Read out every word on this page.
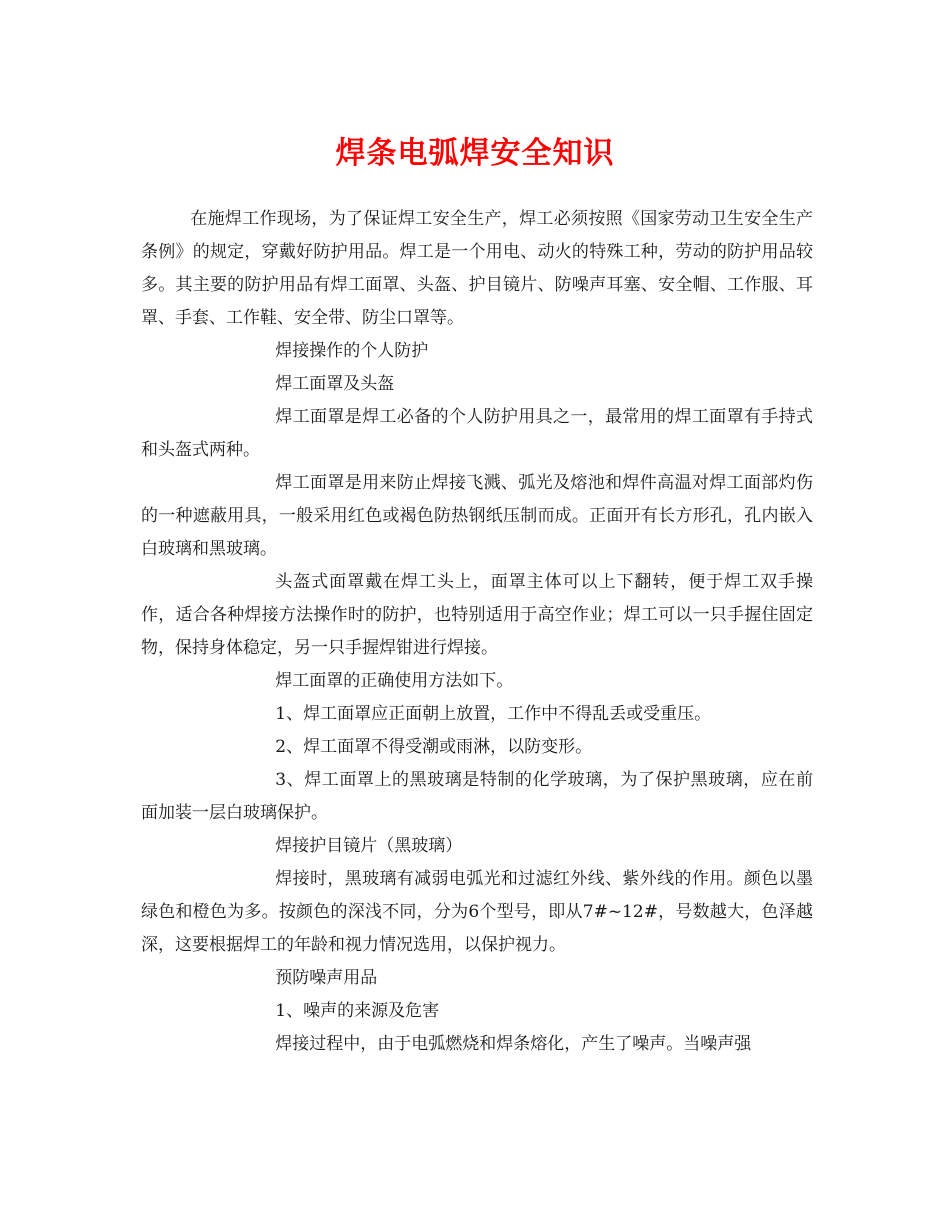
焊条电弧焊安全知识

在施焊工作现场，为了保证焊工安全生产，焊工必须按照《国家劳动卫生安全生产条例》的规定，穿戴好防护用品。焊工是一个用电、动火的特殊工种，劳动的防护用品较多。其主要的防护用品有焊工面罩、头盔、护目镜片、防噪声耳塞、安全帽、工作服、耳罩、手套、工作鞋、安全带、防尘口罩等。

焊接操作的个人防护

焊工面罩及头盔

焊工面罩是焊工必备的个人防护用具之一，最常用的焊工面罩有手持式和头盔式两种。

焊工面罩是用来防止焊接飞溅、弧光及熔池和焊件高温对焊工面部灼伤的一种遮蔽用具，一般采用红色或褐色防热钢纸压制而成。正面开有长方形孔，孔内嵌入白玻璃和黑玻璃。

头盔式面罩戴在焊工头上，面罩主体可以上下翻转，便于焊工双手操作，适合各种焊接方法操作时的防护，也特别适用于高空作业；焊工可以一只手握住固定物，保持身体稳定，另一只手握焊钳进行焊接。

焊工面罩的正确使用方法如下。

1、焊工面罩应正面朝上放置，工作中不得乱丢或受重压。

2、焊工面罩不得受潮或雨淋，以防变形。

3、焊工面罩上的黑玻璃是特制的化学玻璃，为了保护黑玻璃，应在前面加装一层白玻璃保护。

焊接护目镜片（黑玻璃）

焊接时，黑玻璃有减弱电弧光和过滤红外线、紫外线的作用。颜色以墨绿色和橙色为多。按颜色的深浅不同，分为6个型号，即从7#~12#，号数越大，色泽越深，这要根据焊工的年龄和视力情况选用，以保护视力。

预防噪声用品

1、噪声的来源及危害

焊接过程中，由于电弧燃烧和焊条熔化，产生了噪声。当噪声强
